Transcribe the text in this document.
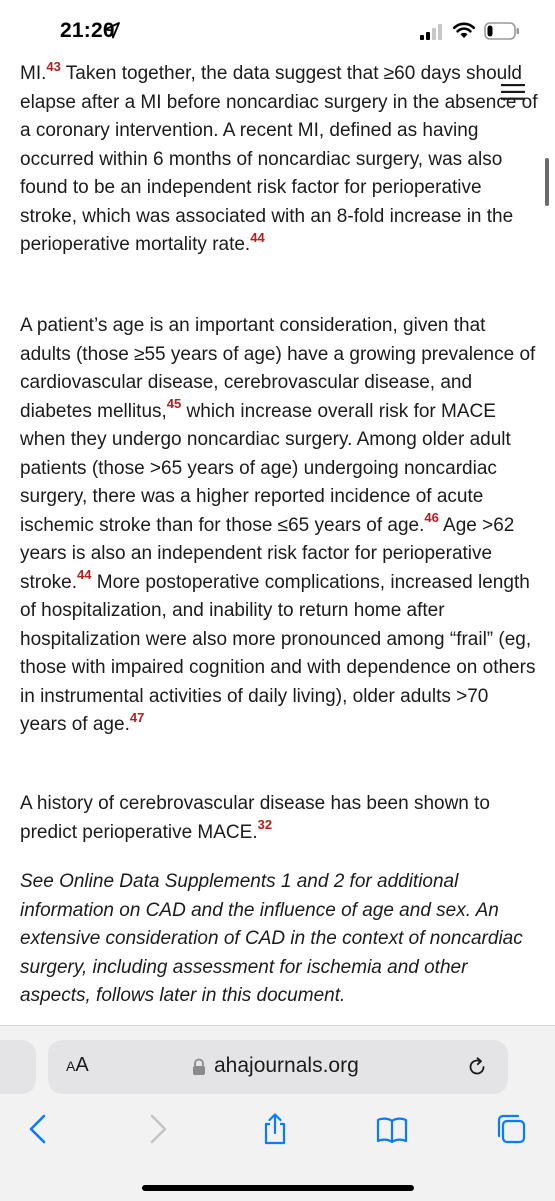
21:20

MI.$^{43}$ Taken together, the data suggest that ≥60 days should elapse after a MI before noncardiac surgery in the absence of a coronary intervention. A recent MI, defined as having occurred within 6 months of noncardiac surgery, was also found to be an independent risk factor for perioperative stroke, which was associated with an 8-fold increase in the perioperative mortality rate.$^{44}$

A patient’s age is an important consideration, given that adults (those ≥55 years of age) have a growing prevalence of cardiovascular disease, cerebrovascular disease, and diabetes mellitus,$^{45}$ which increase overall risk for MACE when they undergo noncardiac surgery. Among older adult patients (those >65 years of age) undergoing noncardiac surgery, there was a higher reported incidence of acute ischemic stroke than for those ≤65 years of age.$^{46}$ Age >62 years is also an independent risk factor for perioperative stroke.$^{44}$ More postoperative complications, increased length of hospitalization, and inability to return home after hospitalization were also more pronounced among “frail” (eg, those with impaired cognition and with dependence on others in instrumental activities of daily living), older adults >70 years of age.$^{47}$

A history of cerebrovascular disease has been shown to predict perioperative MACE.$^{32}$

See Online Data Supplements 1 and 2 for additional information on CAD and the influence of age and sex. An extensive consideration of CAD in the context of noncardiac surgery, including assessment for ischemia and other aspects, follows later in this document.

AA	ahajournals.org
